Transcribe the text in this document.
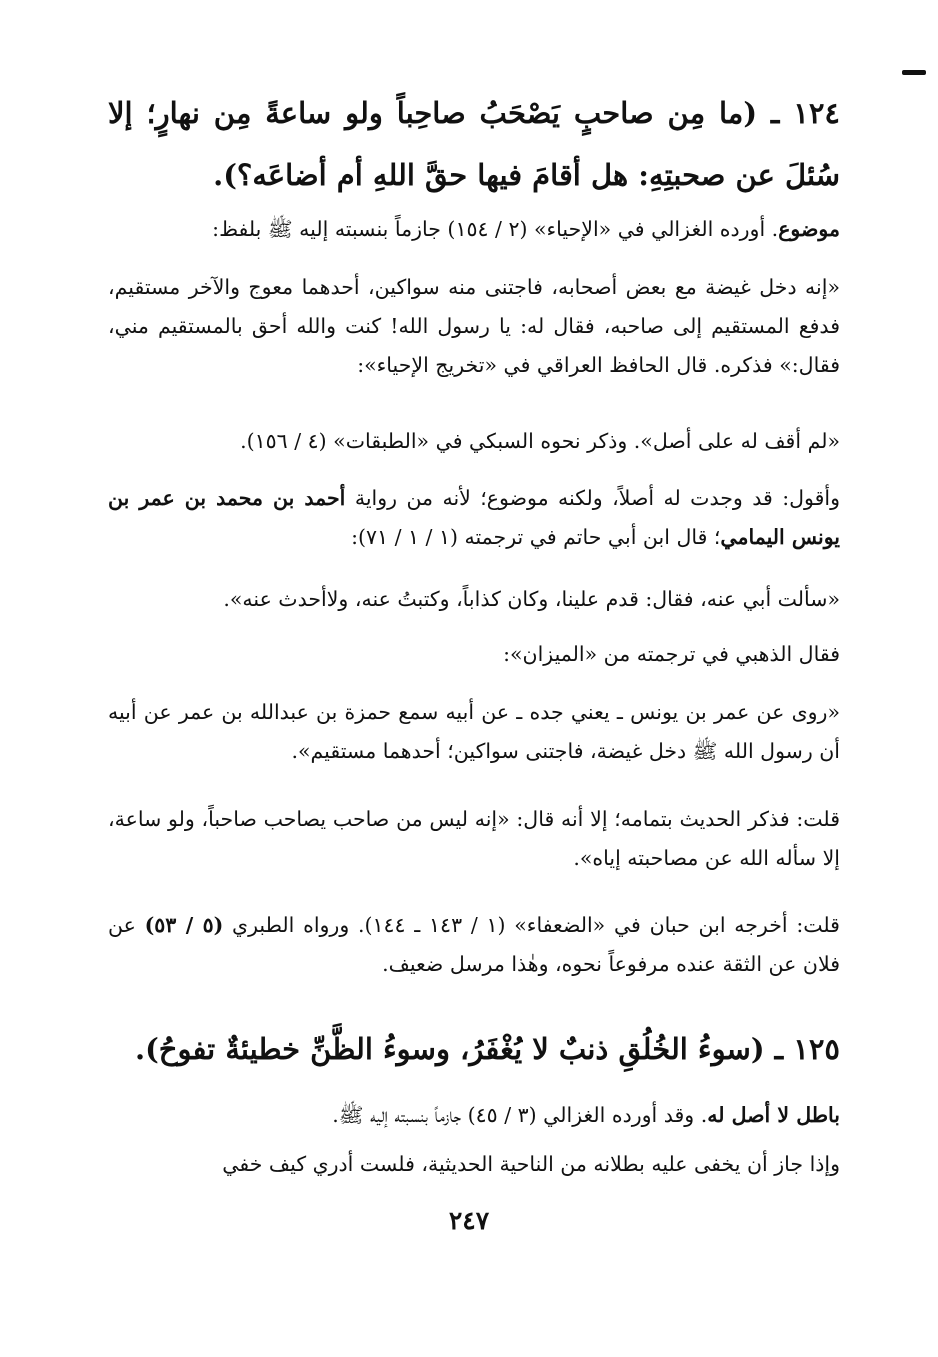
١٢٤ ـ (ما مِن صاحبٍ يَصْحَبُ صاحِباً ولو ساعةً مِن نهارٍ؛ إلا سُئلَ عن صحبتِهِ: هل أقامَ فيها حقَّ اللهِ أم أضاعَه؟).

موضوع. أورده الغزالي في «الإحياء» (٢ / ١٥٤) جازماً بنسبته إليه ﷺ بلفظ:

«إنه دخل غيضة مع بعض أصحابه، فاجتنى منه سواكين، أحدهما معوج والآخر مستقيم، فدفع المستقيم إلى صاحبه، فقال له: يا رسول الله! كنت والله أحق بالمستقيم مني، فقال:» فذكره. قال الحافظ العراقي في «تخريج الإحياء»:

«لم أقف له على أصل». وذكر نحوه السبكي في «الطبقات» (٤ / ١٥٦).

وأقول: قد وجدت له أصلاً، ولكنه موضوع؛ لأنه من رواية أحمد بن محمد بن عمر بن يونس اليمامي؛ قال ابن أبي حاتم في ترجمته (١ / ١ / ٧١):

«سألت أبي عنه، فقال: قدم علينا، وكان كذاباً، وكتبتُ عنه، ولاأحدث عنه».

فقال الذهبي في ترجمته من «الميزان»:

«روى عن عمر بن يونس ـ يعني جده ـ عن أبيه سمع حمزة بن عبدالله بن عمر عن أبيه أن رسول الله ﷺ دخل غيضة، فاجتنى سواكين؛ أحدهما مستقيم».

قلت: فذكر الحديث بتمامه؛ إلا أنه قال: «إنه ليس من صاحب يصاحب صاحباً، ولو ساعة، إلا سأله الله عن مصاحبته إياه».

قلت: أخرجه ابن حبان في «الضعفاء» (١ / ١٤٣ ـ ١٤٤). ورواه الطبري (٥ / ٥٣) عن فلان عن الثقة عنده مرفوعاً نحوه، وهٰذا مرسل ضعيف.

١٢٥ ـ (سوءُ الخُلُقِ ذنبٌ لا يُغْفَرُ، وسوءُ الظَّنِّ خطيئةٌ تفوحُ).

باطل لا أصل له. وقد أورده الغزالي (٣ / ٤٥) جازماً بنسبته إليه ﷺ.

وإذا جاز أن يخفى عليه بطلانه من الناحية الحديثية، فلست أدري كيف خفي

٢٤٧
